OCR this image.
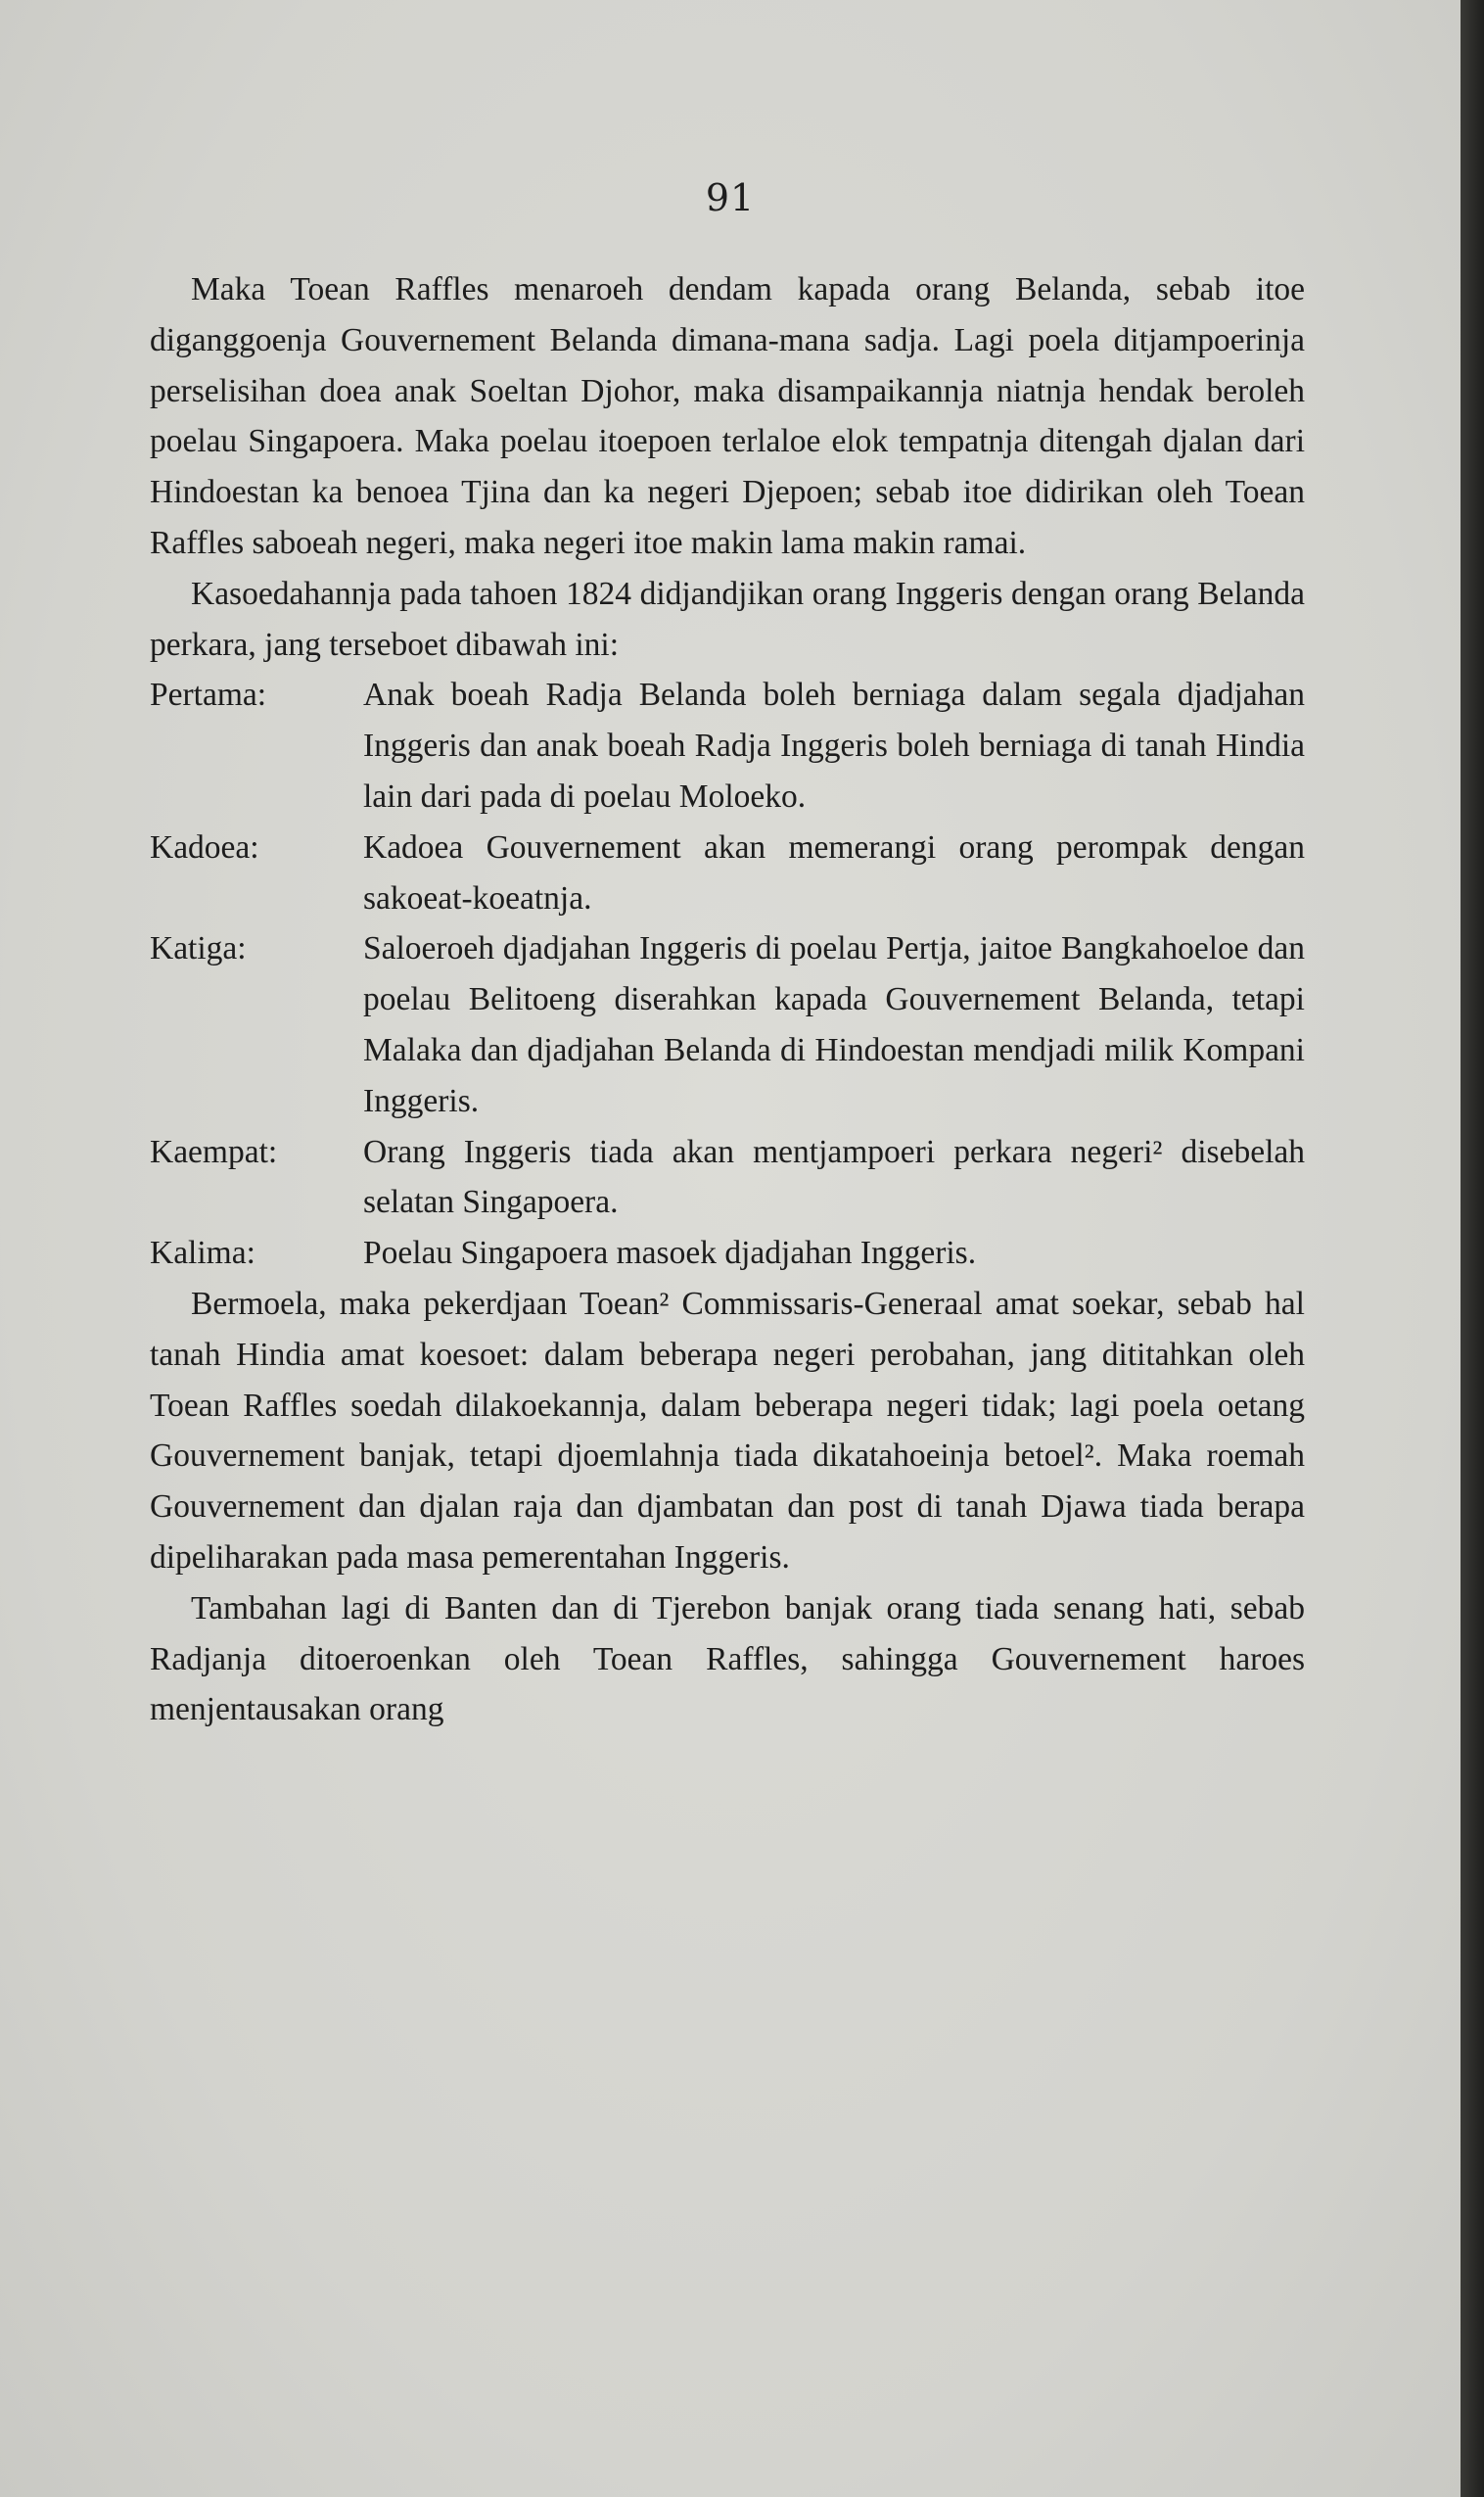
91

Maka Toean Raffles menaroeh dendam kapada orang Belanda, sebab itoe diganggoenja Gouvernement Belanda dimana-mana sadja. Lagi poela ditjampoerinja perselisihan doea anak Soeltan Djohor, maka disampaikannja niatnja hendak beroleh poelau Singapoera. Maka poelau itoepoen terlaloe elok tempatnja ditengah djalan dari Hindoestan ka benoea Tjina dan ka negeri Djepoen; sebab itoe didirikan oleh Toean Raffles saboeah negeri, maka negeri itoe makin lama makin ramai.

Kasoedahannja pada tahoen 1824 didjandjikan orang Inggeris dengan orang Belanda perkara, jang terseboet dibawah ini:

Pertama:	Anak boeah Radja Belanda boleh berniaga dalam segala djadjahan Inggeris dan anak boeah Radja Inggeris boleh berniaga di tanah Hindia lain dari pada di poelau Moloeko.
Kadoea:	Kadoea Gouvernement akan memerangi orang perompak dengan sakoeat-koeatnja.
Katiga:	Saloeroeh djadjahan Inggeris di poelau Pertja, jaitoe Bangkahoeloe dan poelau Belitoeng diserahkan kapada Gouvernement Belanda, tetapi Malaka dan djadjahan Belanda di Hindoestan mendjadi milik Kompani Inggeris.
Kaempat:	Orang Inggeris tiada akan mentjampoeri perkara negeri² disebelah selatan Singapoera.
Kalima:	Poelau Singapoera masoek djadjahan Inggeris.

Bermoela, maka pekerdjaan Toean² Commissaris-Generaal amat soekar, sebab hal tanah Hindia amat koesoet: dalam beberapa negeri perobahan, jang dititahkan oleh Toean Raffles soedah dilakoekannja, dalam beberapa negeri tidak; lagi poela oetang Gouvernement banjak, tetapi djoemlahnja tiada dikatahoeinja betoel². Maka roemah Gouvernement dan djalan raja dan djambatan dan post di tanah Djawa tiada berapa dipeliharakan pada masa pemerentahan Inggeris.

Tambahan lagi di Banten dan di Tjerebon banjak orang tiada senang hati, sebab Radjanja ditoeroenkan oleh Toean Raffles, sahingga Gouvernement haroes menjentausakan orang
